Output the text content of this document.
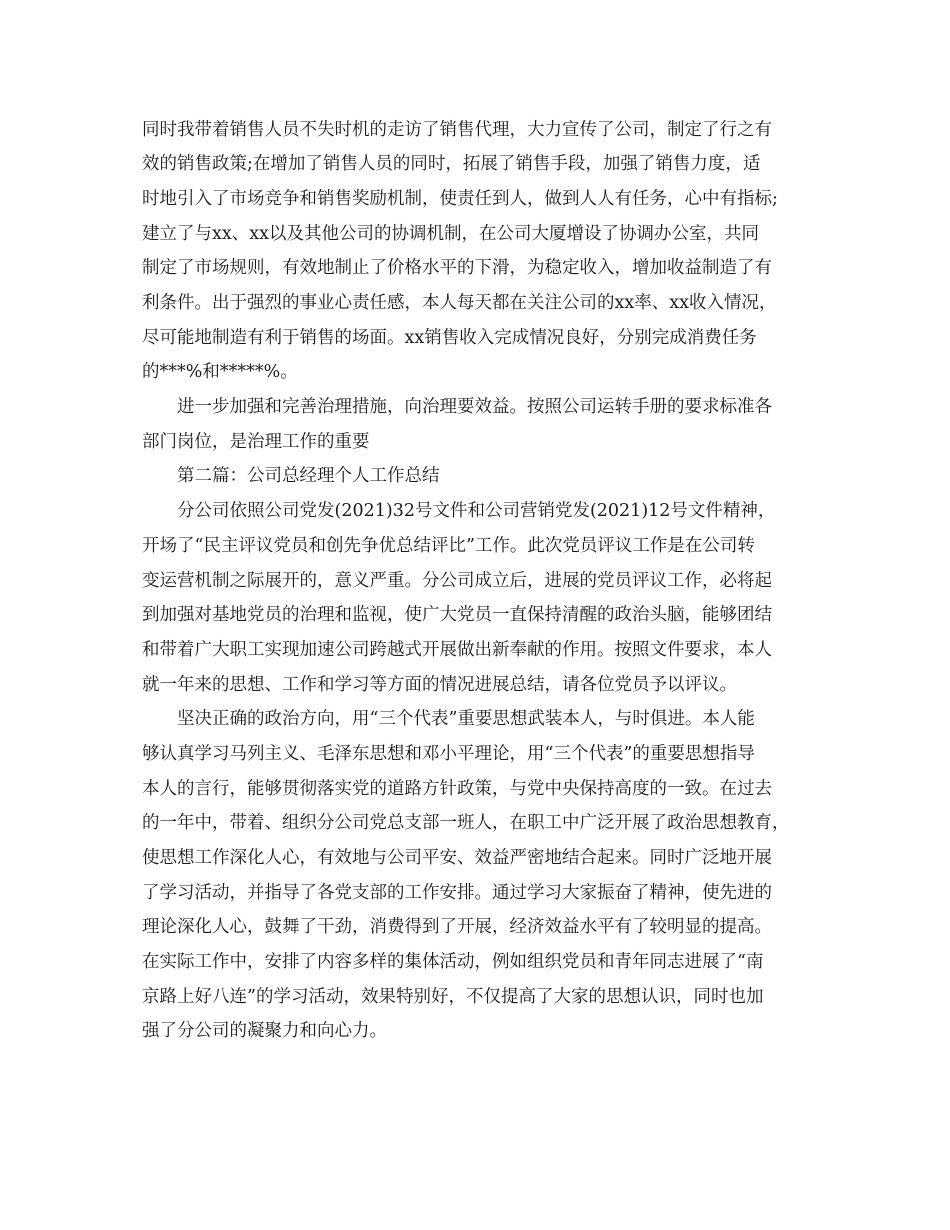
同时我带着销售人员不失时机的走访了销售代理，大力宣传了公司，制定了行之有

效的销售政策;在增加了销售人员的同时，拓展了销售手段，加强了销售力度，适

时地引入了市场竞争和销售奖励机制，使责任到人，做到人人有任务，心中有指标;

建立了与xx、xx以及其他公司的协调机制，在公司大厦增设了协调办公室，共同

制定了市场规则，有效地制止了价格水平的下滑，为稳定收入，增加收益制造了有

利条件。出于强烈的事业心责任感，本人每天都在关注公司的xx率、xx收入情况，

尽可能地制造有利于销售的场面。xx销售收入完成情况良好，分别完成消费任务

的***%和*****%。

进一步加强和完善治理措施，向治理要效益。按照公司运转手册的要求标准各

部门岗位，是治理工作的重要

第二篇：公司总经理个人工作总结

分公司依照公司党发(2021)32号文件和公司营销党发(2021)12号文件精神，

开场了“民主评议党员和创先争优总结评比”工作。此次党员评议工作是在公司转

变运营机制之际展开的，意义严重。分公司成立后，进展的党员评议工作，必将起

到加强对基地党员的治理和监视，使广大党员一直保持清醒的政治头脑，能够团结

和带着广大职工实现加速公司跨越式开展做出新奉献的作用。按照文件要求，本人

就一年来的思想、工作和学习等方面的情况进展总结，请各位党员予以评议。

坚决正确的政治方向，用“三个代表”重要思想武装本人，与时俱进。本人能

够认真学习马列主义、毛泽东思想和邓小平理论，用“三个代表”的重要思想指导

本人的言行，能够贯彻落实党的道路方针政策，与党中央保持高度的一致。在过去

的一年中，带着、组织分公司党总支部一班人，在职工中广泛开展了政治思想教育，

使思想工作深化人心，有效地与公司平安、效益严密地结合起来。同时广泛地开展

了学习活动，并指导了各党支部的工作安排。通过学习大家振奋了精神，使先进的

理论深化人心，鼓舞了干劲，消费得到了开展，经济效益水平有了较明显的提高。

在实际工作中，安排了内容多样的集体活动，例如组织党员和青年同志进展了“南

京路上好八连”的学习活动，效果特别好，不仅提高了大家的思想认识，同时也加

强了分公司的凝聚力和向心力。
